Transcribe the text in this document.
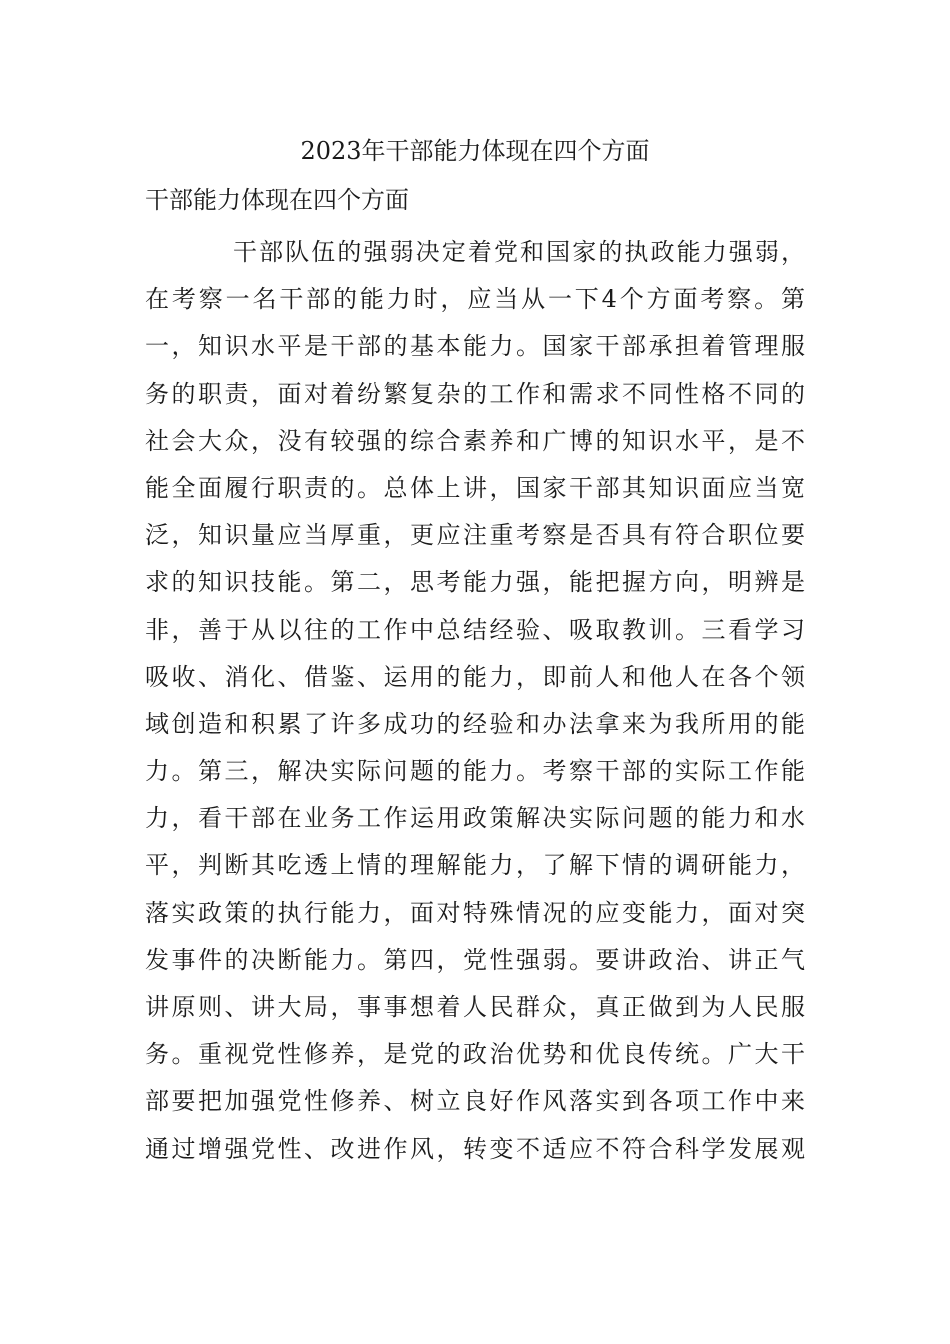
2023年干部能力体现在四个方面
干部能力体现在四个方面
干部队伍的强弱决定着党和国家的执政能力强弱，
在考察一名干部的能力时，应当从一下4个方面考察。第
一，知识水平是干部的基本能力。国家干部承担着管理服
务的职责，面对着纷繁复杂的工作和需求不同性格不同的
社会大众，没有较强的综合素养和广博的知识水平，是不
能全面履行职责的。总体上讲，国家干部其知识面应当宽
泛，知识量应当厚重，更应注重考察是否具有符合职位要
求的知识技能。第二，思考能力强，能把握方向，明辨是
非，善于从以往的工作中总结经验、吸取教训。三看学习
吸收、消化、借鉴、运用的能力，即前人和他人在各个领
域创造和积累了许多成功的经验和办法拿来为我所用的能
力。第三，解决实际问题的能力。考察干部的实际工作能
力，看干部在业务工作运用政策解决实际问题的能力和水
平，判断其吃透上情的理解能力，了解下情的调研能力，
落实政策的执行能力，面对特殊情况的应变能力，面对突
发事件的决断能力。第四，党性强弱。要讲政治、讲正气
讲原则、讲大局，事事想着人民群众，真正做到为人民服
务。重视党性修养，是党的政治优势和优良传统。广大干
部要把加强党性修养、树立良好作风落实到各项工作中来
通过增强党性、改进作风，转变不适应不符合科学发展观
